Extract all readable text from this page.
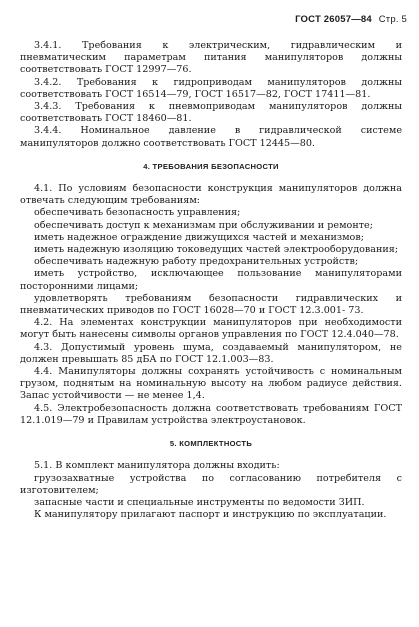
ГОСТ 26057—84 Стр. 5

3.4.1. Требования к электрическим, гидравлическим и пневматическим параметрам питания манипуляторов должны соответствовать ГОСТ 12997—76.

3.4.2. Требования к гидроприводам манипуляторов должны соответствовать ГОСТ 16514—79, ГОСТ 16517—82, ГОСТ 17411—81.

3.4.3. Требования к пневмоприводам манипуляторов должны соответствовать ГОСТ 18460—81.

3.4.4. Номинальное давление в гидравлической системе манипуляторов должно соответствовать ГОСТ 12445—80.

4. ТРЕБОВАНИЯ БЕЗОПАСНОСТИ

4.1. По условиям безопасности конструкция манипуляторов должна отвечать следующим требованиям:

обеспечивать безопасность управления;

обеспечивать доступ к механизмам при обслуживании и ремонте;

иметь надежное ограждение движущихся частей и механизмов;

иметь надежную изоляцию токоведущих частей электрооборудования;

обеспечивать надежную работу предохранительных устройств;

иметь устройство, исключающее пользование манипуляторами посторонними лицами;

удовлетворять требованиям безопасности гидравлических и пневматических приводов по ГОСТ 16028—70 и ГОСТ 12.3.001- 73.

4.2. На элементах конструкции манипуляторов при необходимости могут быть нанесены символы органов управления по ГОСТ 12.4.040—78.

4.3. Допустимый уровень шума, создаваемый манипулятором, не должен превышать 85 дБА по ГОСТ 12.1.003—83.

4.4. Манипуляторы должны сохранять устойчивость с номинальным грузом, поднятым на номинальную высоту на любом радиусе действия. Запас устойчивости — не менее 1,4.

4.5. Электробезопасность должна соответствовать требованиям ГОСТ 12.1.019—79 и Правилам устройства электроустановок.

5. КОМПЛЕКТНОСТЬ

5.1. В комплект манипулятора должны входить:

грузозахватные устройства по согласованию потребителя с изготовителем;

запасные части и специальные инструменты по ведомости ЗИП.

К манипулятору прилагают паспорт и инструкцию по эксплуатации.
